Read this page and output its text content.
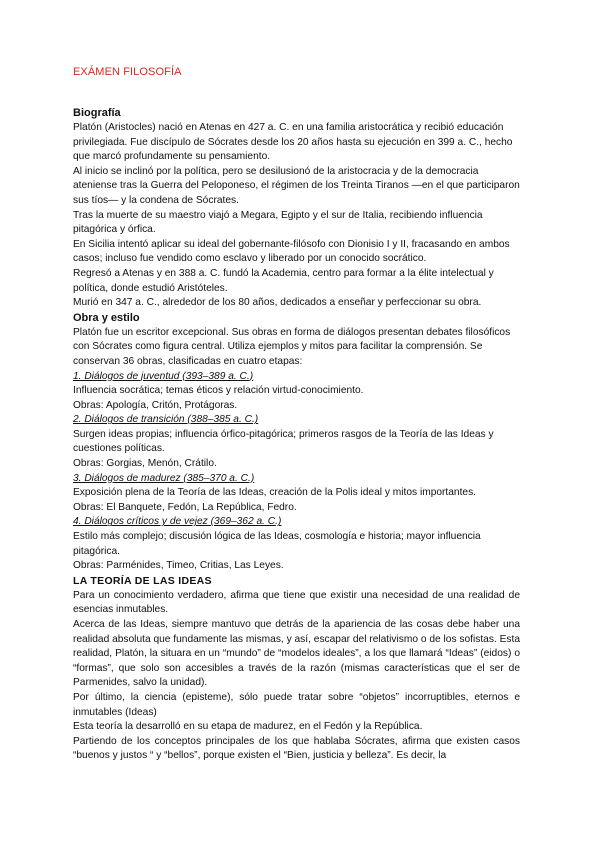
EXÁMEN FILOSOFÍA

Biografía

Platón (Aristocles) nació en Atenas en 427 a. C. en una familia aristocrática y recibió educación privilegiada. Fue discípulo de Sócrates desde los 20 años hasta su ejecución en 399 a. C., hecho que marcó profundamente su pensamiento.

Al inicio se inclinó por la política, pero se desilusionó de la aristocracia y de la democracia ateniense tras la Guerra del Peloponeso, el régimen de los Treinta Tiranos —en el que participaron sus tíos— y la condena de Sócrates.

Tras la muerte de su maestro viajó a Megara, Egipto y el sur de Italia, recibiendo influencia pitagórica y órfica.

En Sicilia intentó aplicar su ideal del gobernante-filósofo con Dionisio I y II, fracasando en ambos casos; incluso fue vendido como esclavo y liberado por un conocido socrático.

Regresó a Atenas y en 388 a. C. fundó la Academia, centro para formar a la élite intelectual y política, donde estudió Aristóteles.

Murió en 347 a. C., alrededor de los 80 años, dedicados a enseñar y perfeccionar su obra.

Obra y estilo

Platón fue un escritor excepcional. Sus obras en forma de diálogos presentan debates filosóficos con Sócrates como figura central. Utiliza ejemplos y mitos para facilitar la comprensión. Se conservan 36 obras, clasificadas en cuatro etapas:

1. Diálogos de juventud (393–389 a. C.)

Influencia socrática; temas éticos y relación virtud-conocimiento.

Obras: Apología, Critón, Protágoras.

2. Diálogos de transición (388–385 a. C.)

Surgen ideas propias; influencia órfico-pitagórica; primeros rasgos de la Teoría de las Ideas y cuestiones políticas.

Obras: Gorgias, Menón, Crátilo.

3. Diálogos de madurez (385–370 a. C.)

Exposición plena de la Teoría de las Ideas, creación de la Polis ideal y mitos importantes.

Obras: El Banquete, Fedón, La República, Fedro.

4. Diálogos críticos y de vejez (369–362 a. C.)

Estilo más complejo; discusión lógica de las Ideas, cosmología e historia; mayor influencia pitagórica.

Obras: Parménides, Timeo, Critias, Las Leyes.

LA TEORÍA DE LAS IDEAS

Para un conocimiento verdadero, afirma que tiene que existir una necesidad de una realidad de esencias inmutables.

Acerca de las Ideas, siempre mantuvo que detrás de la apariencia de las cosas debe haber una realidad absoluta que fundamente las mismas, y así, escapar del relativismo o de los sofistas. Esta realidad, Platón, la situara en un “mundo” de “modelos ideales”, a los que llamará “Ideas” (eidos) o “formas”, que solo son accesibles a través de la razón (mismas características que el ser de Parmenides, salvo la unidad).

Por último, la ciencia (episteme), sólo puede tratar sobre “objetos” incorruptibles, eternos e inmutables (Ideas)

Esta teoría la desarrolló en su etapa de madurez, en el Fedón y la República.

Partiendo de los conceptos principales de los que hablaba Sócrates, afirma que existen casos “buenos y justos “ y “bellos”, porque existen el “Bien, justicia y belleza”. Es decir, la
